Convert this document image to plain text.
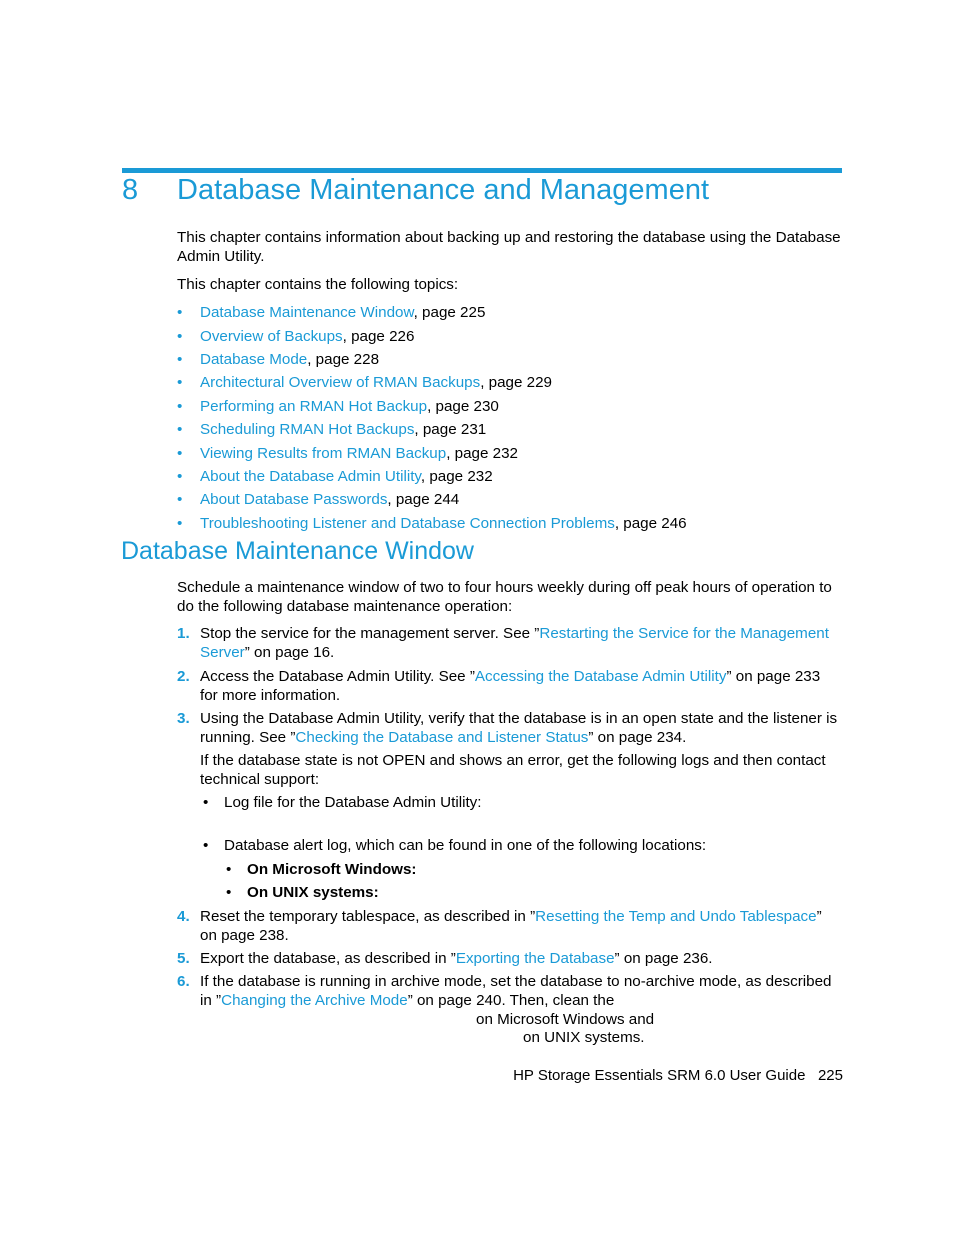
8 Database Maintenance and Management

This chapter contains information about backing up and restoring the database using the Database Admin Utility.

This chapter contains the following topics:

• Database Maintenance Window, page 225
• Overview of Backups, page 226
• Database Mode, page 228
• Architectural Overview of RMAN Backups, page 229
• Performing an RMAN Hot Backup, page 230
• Scheduling RMAN Hot Backups, page 231
• Viewing Results from RMAN Backup, page 232
• About the Database Admin Utility, page 232
• About Database Passwords, page 244
• Troubleshooting Listener and Database Connection Problems, page 246
Database Maintenance Window

Schedule a maintenance window of two to four hours weekly during off peak hours of operation to do the following database maintenance operation:

1. Stop the service for the management server. See ”Restarting the Service for the Management Server” on page 16.

2. Access the Database Admin Utility. See ”Accessing the Database Admin Utility” on page 233 for more information.

3. Using the Database Admin Utility, verify that the database is in an open state and the listener is running. See ”Checking the Database and Listener Status” on page 234.

If the database state is not OPEN and shows an error, get the following logs and then contact technical support:

• Log file for the Database Admin Utility:
• Database alert log, which can be found in one of the following locations:
• On Microsoft Windows:
• On UNIX systems:
4. Reset the temporary tablespace, as described in ”Resetting the Temp and Undo Tablespace” on page 238.

5. Export the database, as described in ”Exporting the Database” on page 236.

6. If the database is running in archive mode, set the database to no-archive mode, as described in ”Changing the Archive Mode” on page 240. Then, clean the

on Microsoft Windows and
on UNIX systems.
HP Storage Essentials SRM 6.0 User Guide 225
